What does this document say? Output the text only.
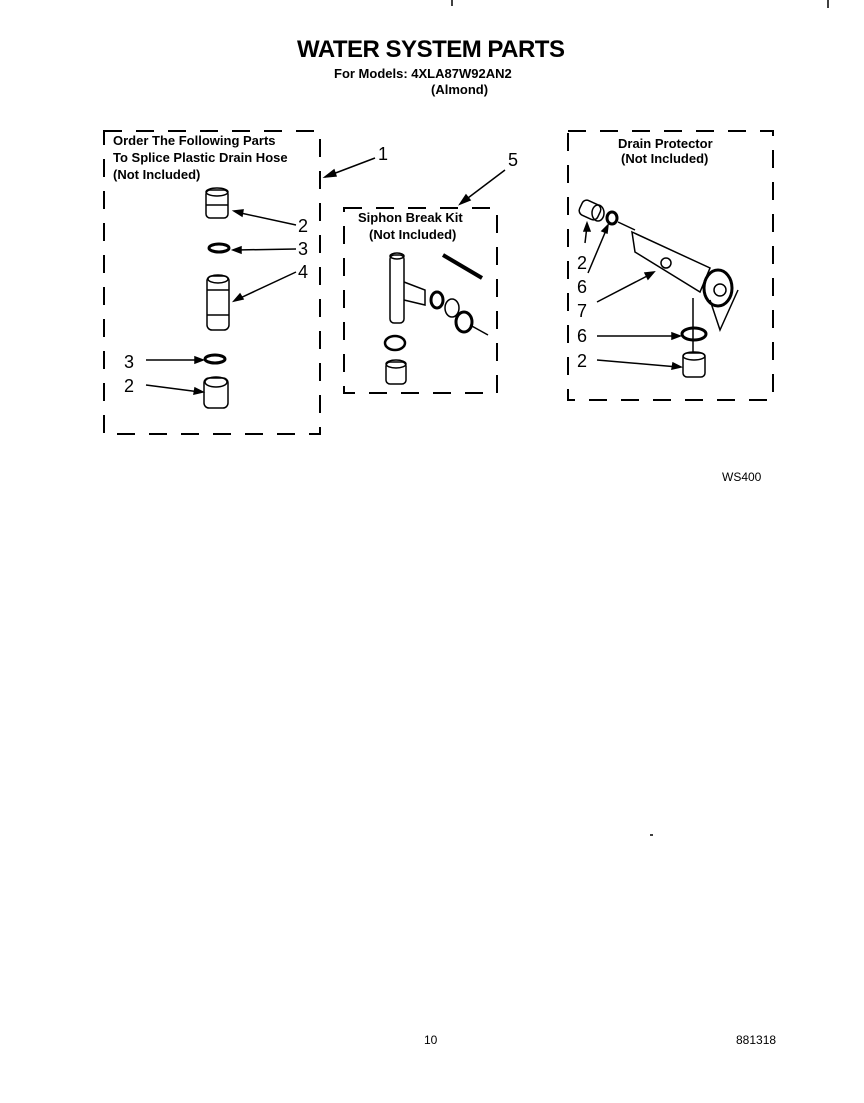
WATER SYSTEM PARTS
For Models: 4XLA87W92AN2
(Almond)
Order The Following Parts
To Splice Plastic Drain Hose
(Not Included)
1
2
3
4
3
2
Siphon Break Kit
(Not Included)
5
Drain Protector
(Not Included)
2
6
7
6
2
WS400
10	881318
